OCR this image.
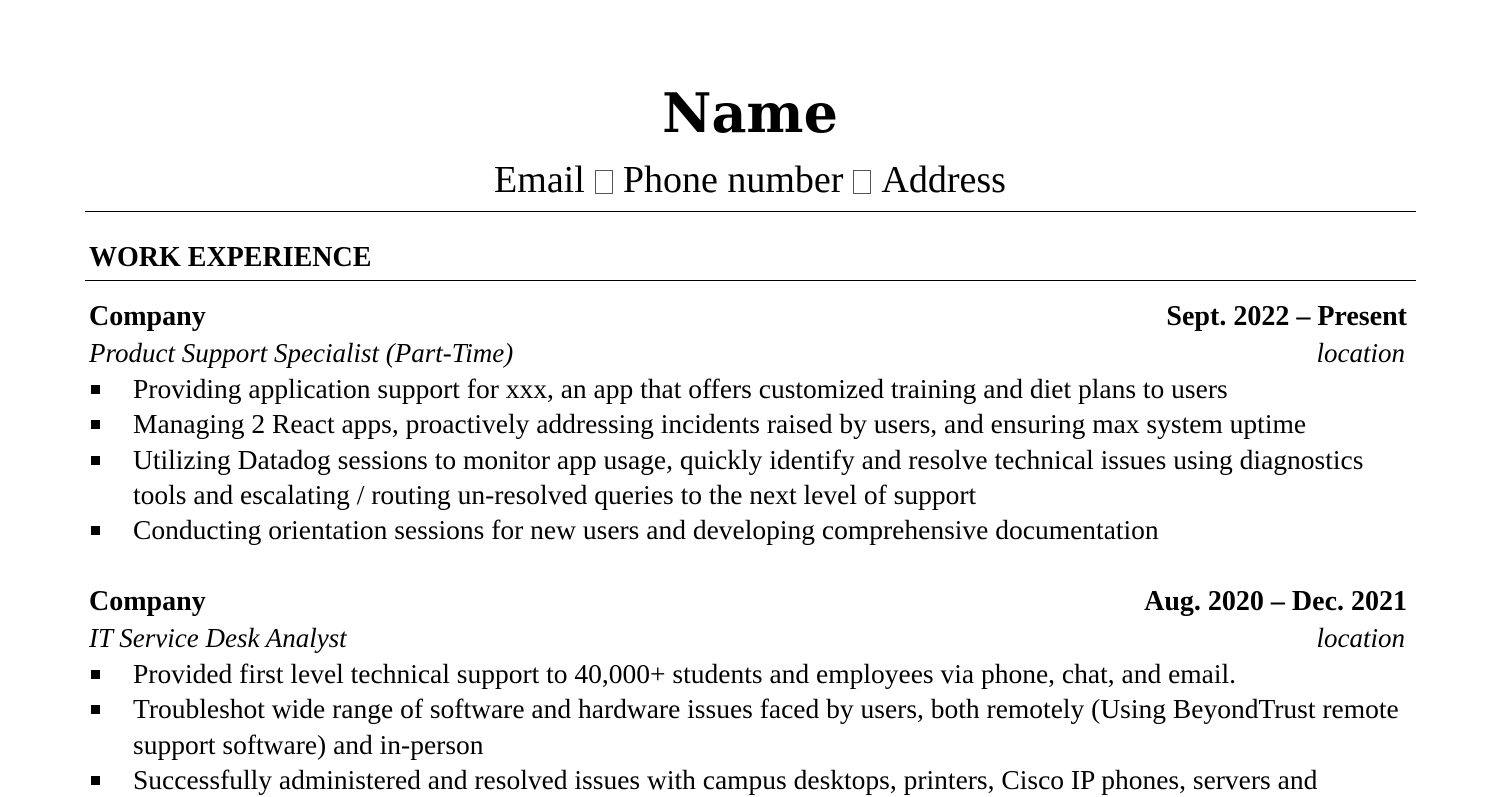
Name
Email Phone number Address
WORK EXPERIENCE
Company	Sept. 2022 – Present
Product Support Specialist (Part-Time)	location
Providing application support for xxx, an app that offers customized training and diet plans to users
Managing 2 React apps, proactively addressing incidents raised by users, and ensuring max system uptime
Utilizing Datadog sessions to monitor app usage, quickly identify and resolve technical issues using diagnostics tools and escalating / routing un-resolved queries to the next level of support
Conducting orientation sessions for new users and developing comprehensive documentation
Company	Aug. 2020 – Dec. 2021
IT Service Desk Analyst	location
Provided first level technical support to 40,000+ students and employees via phone, chat, and email.
Troubleshot wide range of software and hardware issues faced by users, both remotely (Using BeyondTrust remote support software) and in-person
Successfully administered and resolved issues with campus desktops, printers, Cisco IP phones, servers and
